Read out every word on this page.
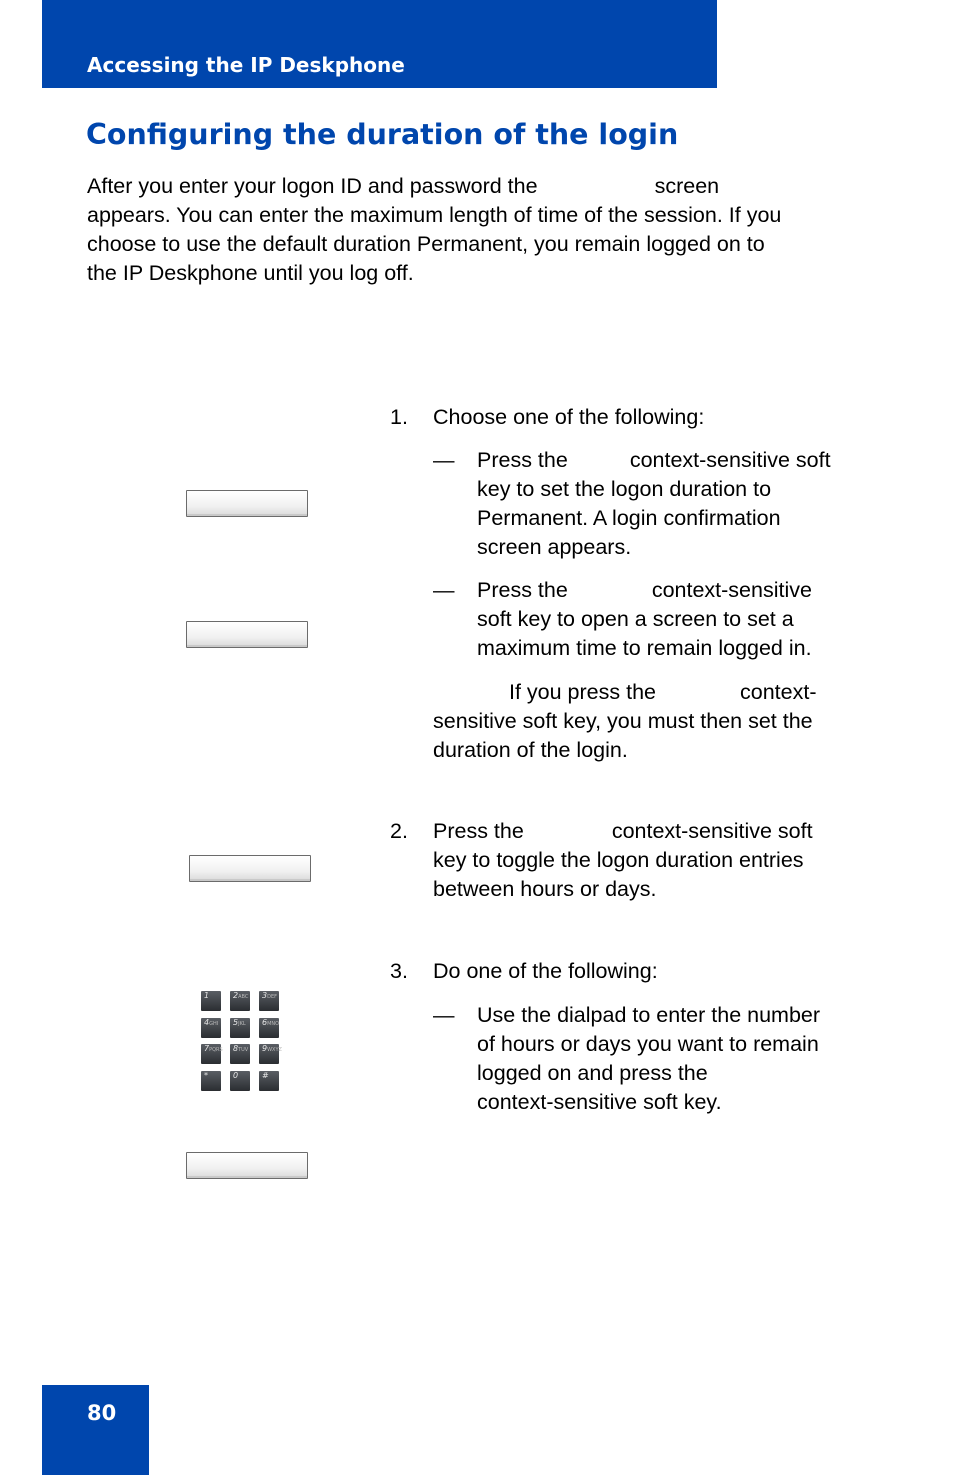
Accessing the IP Deskphone
Configuring the duration of the login
After you enter your logon ID and password the	screen
appears. You can enter the maximum length of time of the session. If you
choose to use the default duration Permanent, you remain logged on to
the IP Deskphone until you log off.
1. Choose one of the following:
— Press the	context-sensitive soft
key to set the logon duration to
Permanent. A login confirmation
screen appears.
— Press the	context-sensitive
soft key to open a screen to set a
maximum time to remain logged in.
If you press the	context-
sensitive soft key, you must then set the
duration of the login.
2. Press the	context-sensitive soft
key to toggle the logon duration entries
between hours or days.
3. Do one of the following:
— Use the dialpad to enter the number
of hours or days you want to remain
logged on and press the
context-sensitive soft key.
1	2ABC	3DEF
4GHI	5JKL	6MNO
7PQRS	8TUV	9WXYZ
*	0	#
80
